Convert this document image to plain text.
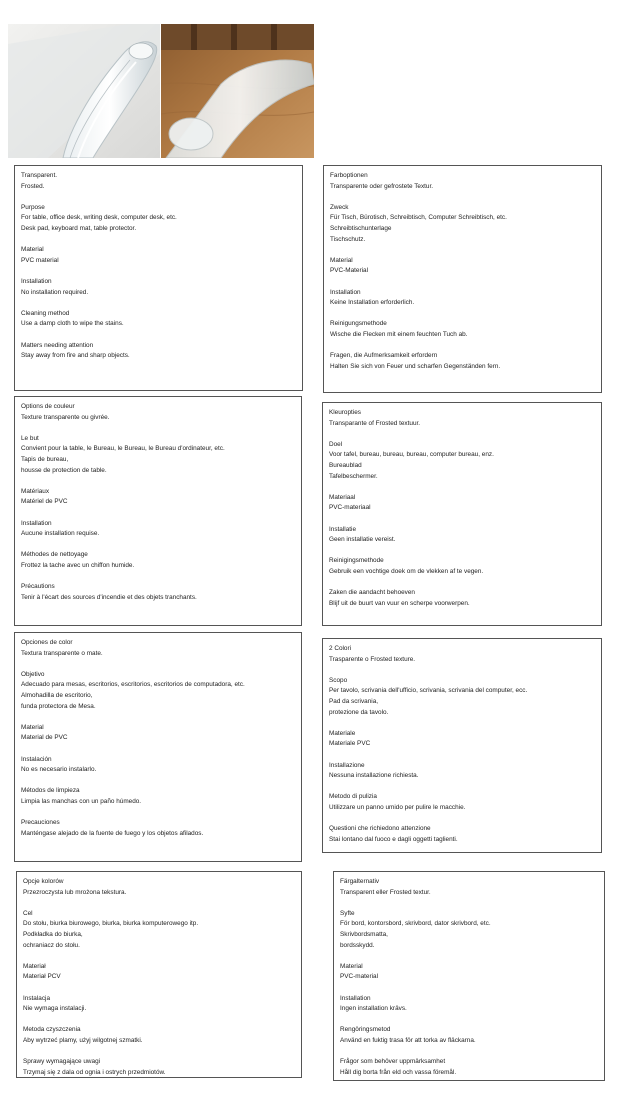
Transparent.
Frosted.
Purpose
For table, office desk, writing desk, computer desk, etc.
Desk pad, keyboard mat, table protector.
Material
PVC material
Installation
No installation required.
Cleaning method
Use a damp cloth to wipe the stains.
Matters needing attention
Stay away from fire and sharp objects.
Farboptionen
Transparente oder gefrostete Textur.
Zweck
Für Tisch, Bürotisch, Schreibtisch, Computer Schreibtisch, etc.
Schreibtischunterlage
Tischschutz.
Material
PVC-Material
Installation
Keine Installation erforderlich.
Reinigungsmethode
Wische die Flecken mit einem feuchten Tuch ab.
Fragen, die Aufmerksamkeit erfordern
Halten Sie sich von Feuer und scharfen Gegenständen fern.
Options de couleur
Texture transparente ou givrée.
Le but
Convient pour la table, le Bureau, le Bureau, le Bureau d'ordinateur, etc.
Tapis de bureau,
housse de protection de table.
Matériaux
Matériel de PVC
Installation
Aucune installation requise.
Méthodes de nettoyage
Frottez la tache avec un chiffon humide.
Précautions
Tenir à l'écart des sources d'incendie et des objets tranchants.
Kleuropties
Transparante of Frosted textuur.
Doel
Voor tafel, bureau, bureau, bureau, computer bureau, enz.
Bureaublad
Tafelbeschermer.
Materiaal
PVC-materiaal
Installatie
Geen installatie vereist.
Reinigingsmethode
Gebruik een vochtige doek om de vlekken af te vegen.
Zaken die aandacht behoeven
Blijf uit de buurt van vuur en scherpe voorwerpen.
Opciones de color
Textura transparente o mate.
Objetivo
Adecuado para mesas, escritorios, escritorios, escritorios de computadora, etc.
Almohadilla de escritorio,
funda protectora de Mesa.
Material
Material de PVC
Instalación
No es necesario instalarlo.
Métodos de limpieza
Limpia las manchas con un paño húmedo.
Precauciones
Manténgase alejado de la fuente de fuego y los objetos afilados.
2 Colori
Trasparente o Frosted texture.
Scopo
Per tavolo, scrivania dell'ufficio, scrivania, scrivania del computer, ecc.
Pad da scrivania,
protezione da tavolo.
Materiale
Materiale PVC
Installazione
Nessuna installazione richiesta.
Metodo di pulizia
Utilizzare un panno umido per pulire le macchie.
Questioni che richiedono attenzione
Stai lontano dal fuoco e dagli oggetti taglienti.
Opcje kolorów
Przezroczysta lub mrożona tekstura.
Cel
Do stołu, biurka biurowego, biurka, biurka komputerowego itp.
Podkładka do biurka,
ochraniacz do stołu.
Materiał
Materiał PCV
Instalacja
Nie wymaga instalacji.
Metoda czyszczenia
Aby wytrzeć plamy, użyj wilgotnej szmatki.
Sprawy wymagające uwagi
Trzymaj się z dala od ognia i ostrych przedmiotów.
Färgalternativ
Transparent eller Frosted textur.
Syfte
För bord, kontorsbord, skrivbord, dator skrivbord, etc.
Skrivbordsmatta,
bordsskydd.
Material
PVC-material
Installation
Ingen installation krävs.
Rengöringsmetod
Använd en fuktig trasa för att torka av fläckarna.
Frågor som behöver uppmärksamhet
Håll dig borta från eld och vassa föremål.
